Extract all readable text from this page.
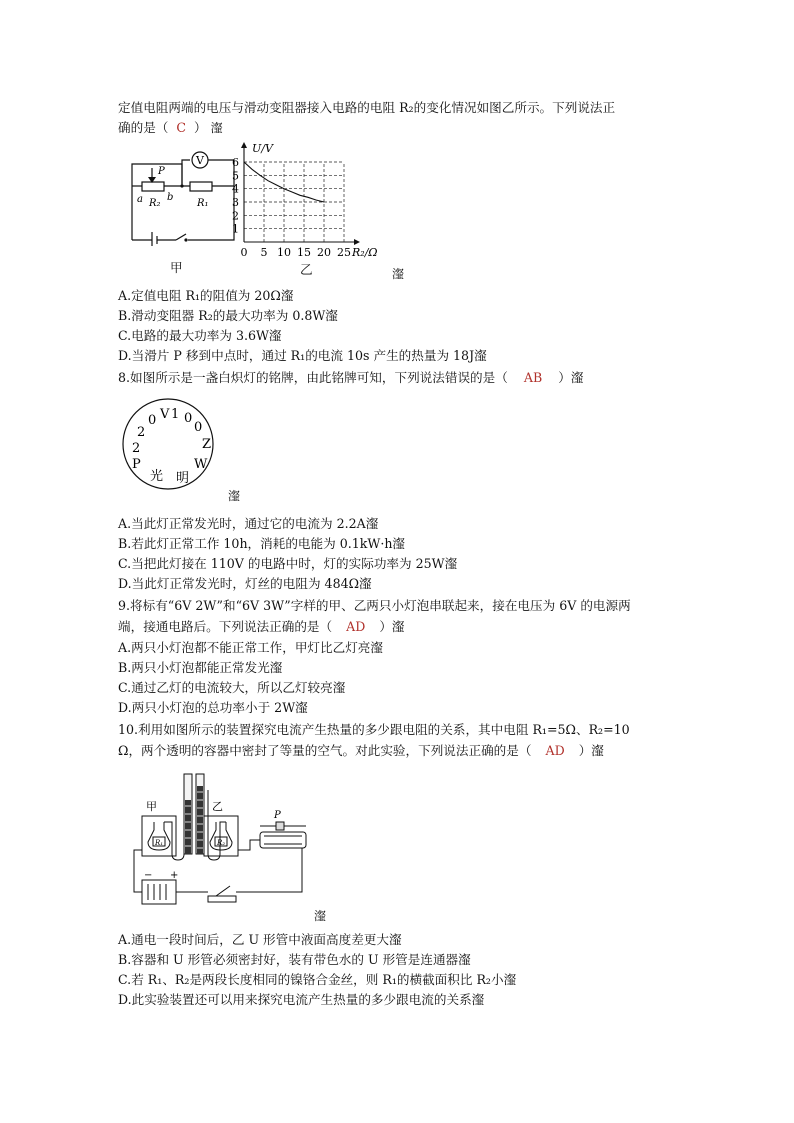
定值电阻两端的电压与滑动变阻器接入电路的电阻 R₂的变化情况如图乙所示。下列说法正
确的是（ C ） 瀣
V
P
a b
R₂	R₁
甲
1
2
3
4
5
6
0 5 10 15 20 25
U/V
R₂/Ω
乙	瀣
A.定值电阻 R₁的阻值为 20Ω瀣
B.滑动变阻器 R₂的最大功率为 0.8W瀣
C.电路的最大功率为 3.6W瀣
D.当滑片 P 移到中点时，通过 R₁的电流 10s 产生的热量为 18J瀣
8.如图所示是一盏白炽灯的铭牌，由此铭牌可知，下列说法错误的是（ AB ）瀣
2
0 V 1 0
0
Z
2
P	W
明
光
瀣
A.当此灯正常发光时，通过它的电流为 2.2A瀣
B.若此灯正常工作 10h，消耗的电能为 0.1kW·h瀣
C.当把此灯接在 110V 的电路中时，灯的实际功率为 25W瀣
D.当此灯正常发光时，灯丝的电阻为 484Ω瀣
9.将标有“6V 2W”和“6V 3W”字样的甲、乙两只小灯泡串联起来，接在电压为 6V 的电源两
端，接通电路后。下列说法正确的是（ AD ）瀣
A.两只小灯泡都不能正常工作，甲灯比乙灯亮瀣
B.两只小灯泡都能正常发光瀣
C.通过乙灯的电流较大，所以乙灯较亮瀣
D.两只小灯泡的总功率小于 2W瀣
10.利用如图所示的装置探究电流产生热量的多少跟电阻的关系，其中电阻 R₁=5Ω、R₂=10
Ω，两个透明的容器中密封了等量的空气。对此实验，下列说法正确的是（ AD ）瀣
甲	乙
P
R₁	R₂
+
−
瀣
A.通电一段时间后，乙 U 形管中液面高度差更大瀣
B.容器和 U 形管必须密封好，装有带色水的 U 形管是连通器瀣
C.若 R₁、R₂是两段长度相同的镍铬合金丝，则 R₁的横截面积比 R₂小瀣
D.此实验装置还可以用来探究电流产生热量的多少跟电流的关系瀣
